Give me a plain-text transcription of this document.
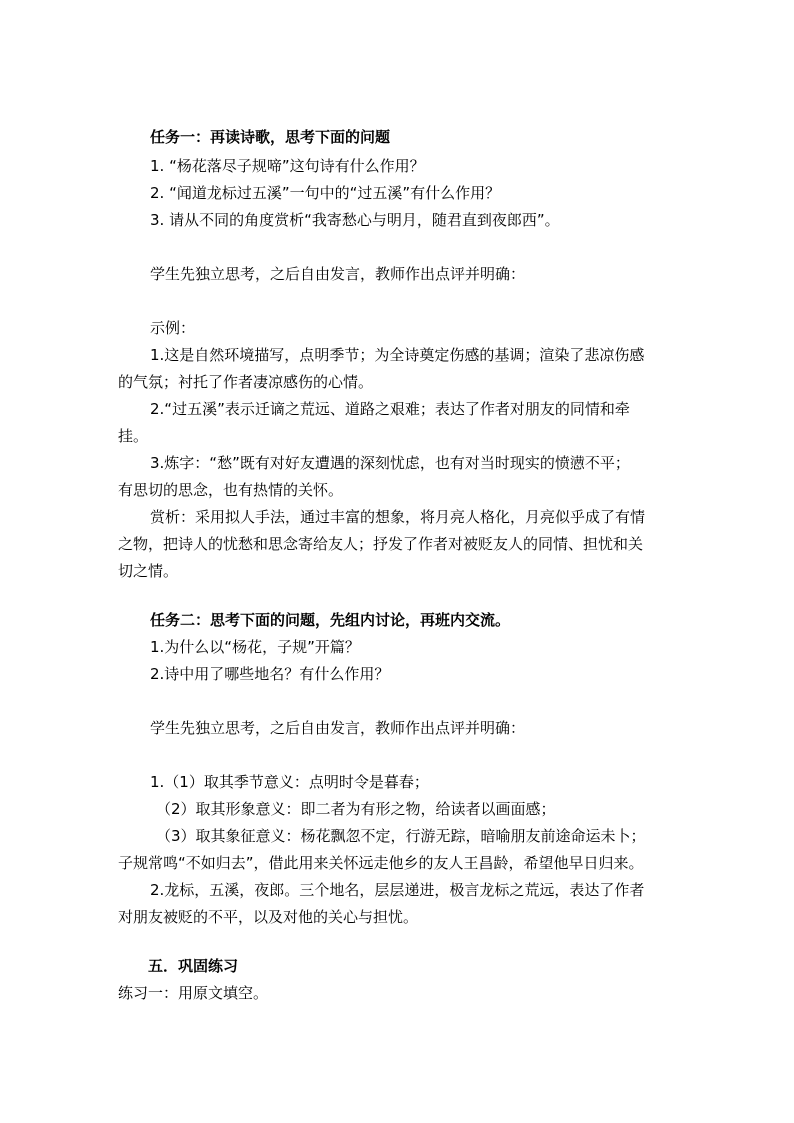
任务一：再读诗歌，思考下面的问题
1. “杨花落尽子规啼”这句诗有什么作用？
2. “闻道龙标过五溪”一句中的“过五溪”有什么作用？
3. 请从不同的角度赏析“我寄愁心与明月，随君直到夜郎西”。
学生先独立思考，之后自由发言，教师作出点评并明确：
示例：
1.这是自然环境描写，点明季节；为全诗奠定伤感的基调；渲染了悲凉伤感
的气氛；衬托了作者凄凉感伤的心情。
2.“过五溪”表示迁谪之荒远、道路之艰难；表达了作者对朋友的同情和牵
挂。
3.炼字：“愁”既有对好友遭遇的深刻忧虑，也有对当时现实的愤懑不平；
有思切的思念，也有热情的关怀。
赏析：采用拟人手法，通过丰富的想象，将月亮人格化，月亮似乎成了有情
之物，把诗人的忧愁和思念寄给友人；抒发了作者对被贬友人的同情、担忧和关
切之情。
任务二：思考下面的问题，先组内讨论，再班内交流。
1.为什么以“杨花，子规”开篇？
2.诗中用了哪些地名？有什么作用？
学生先独立思考，之后自由发言，教师作出点评并明确：
1.（1）取其季节意义：点明时令是暮春；
（2）取其形象意义：即二者为有形之物，给读者以画面感；
（3）取其象征意义：杨花飘忽不定，行游无踪，暗喻朋友前途命运未卜；
子规常鸣“不如归去”，借此用来关怀远走他乡的友人王昌龄，希望他早日归来。
2.龙标，五溪，夜郎。三个地名，层层递进，极言龙标之荒远，表达了作者
对朋友被贬的不平，以及对他的关心与担忧。
五．巩固练习
练习一：用原文填空。
